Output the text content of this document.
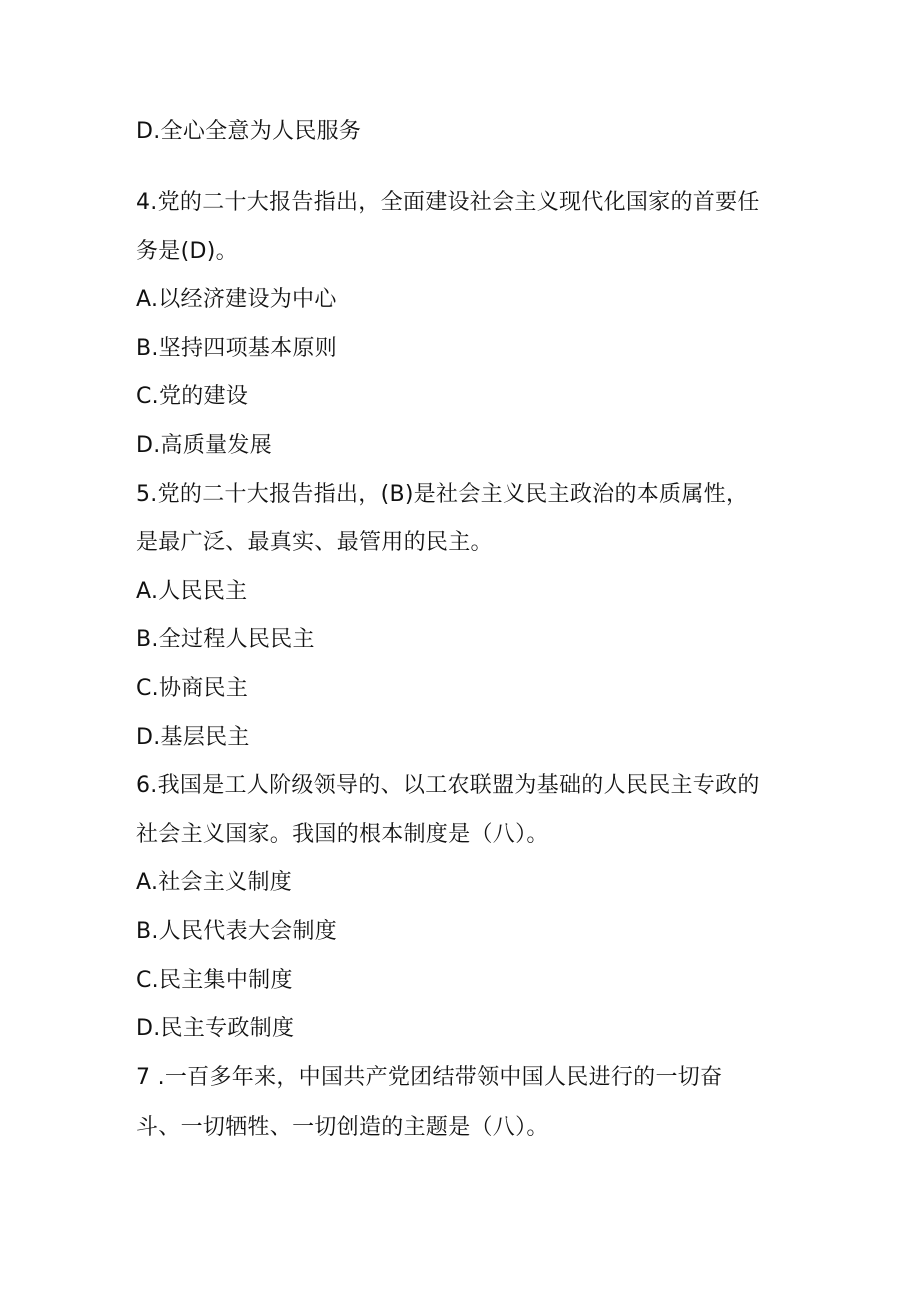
D.全心全意为人民服务
4.党的二十大报告指出，全面建设社会主义现代化国家的首要任
务是(D)。
A.以经济建设为中心
B.坚持四项基本原则
C.党的建设
D.高质量发展
5.党的二十大报告指出，(B)是社会主义民主政治的本质属性，
是最广泛、最真实、最管用的民主。
A.人民民主
B.全过程人民民主
C.协商民主
D.基层民主
6.我国是工人阶级领导的、以工农联盟为基础的人民民主专政的
社会主义国家。我国的根本制度是（八）。
A.社会主义制度
B.人民代表大会制度
C.民主集中制度
D.民主专政制度
7 .一百多年来，中国共产党团结带领中国人民进行的一切奋
斗、一切牺牲、一切创造的主题是（八）。
